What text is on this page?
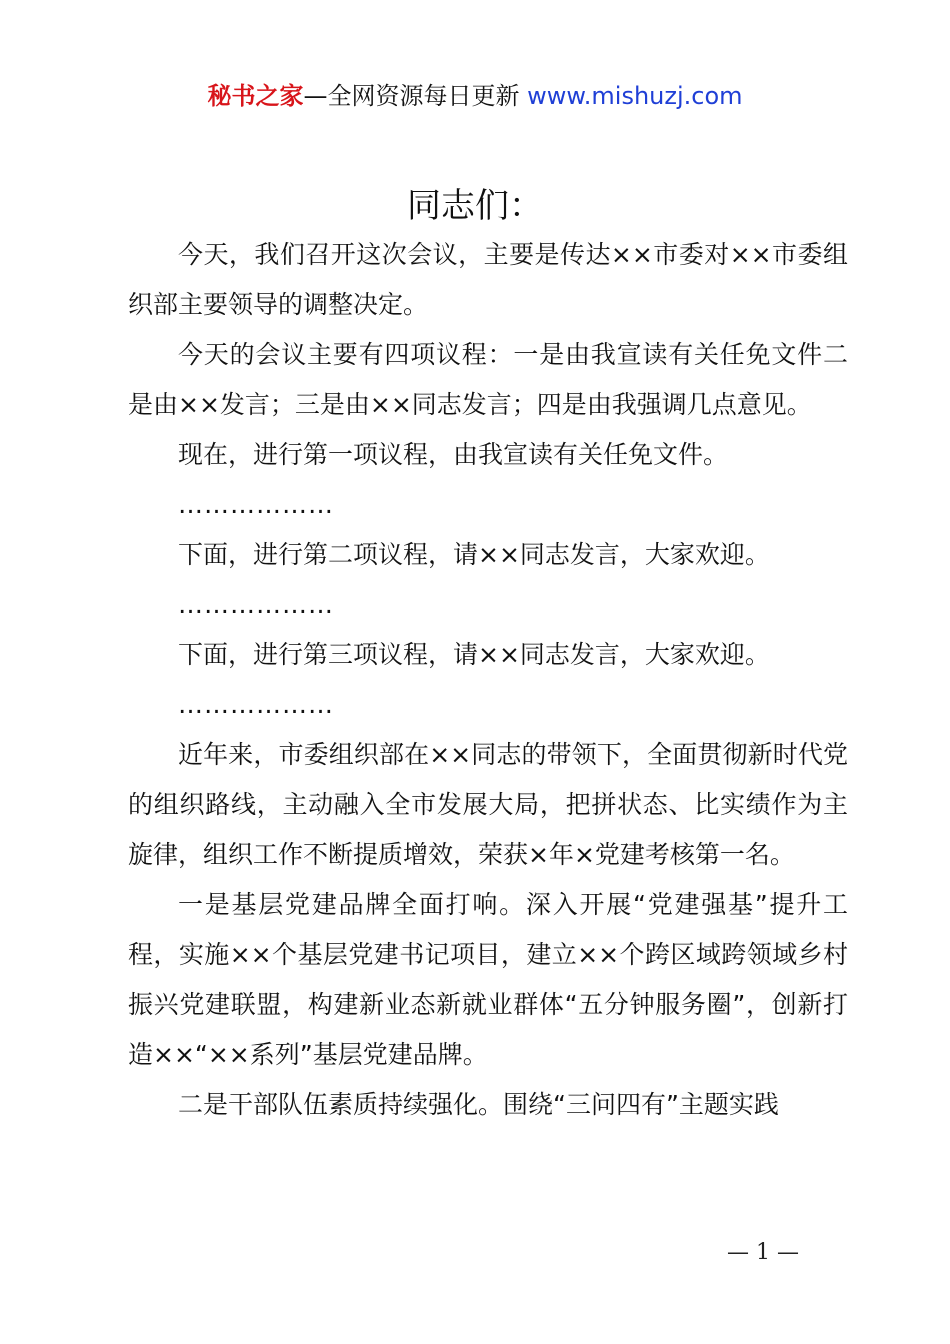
秘书之家—全网资源每日更新 www.mishuzj.com
同志们：

今天，我们召开这次会议，主要是传达××市委对××市委组织部主要领导的调整决定。

今天的会议主要有四项议程：一是由我宣读有关任免文件二是由××发言；三是由××同志发言；四是由我强调几点意见。

现在，进行第一项议程，由我宣读有关任免文件。

………………

下面，进行第二项议程，请××同志发言，大家欢迎。

………………

下面，进行第三项议程，请××同志发言，大家欢迎。

………………

近年来，市委组织部在××同志的带领下，全面贯彻新时代党的组织路线，主动融入全市发展大局，把拼状态、比实绩作为主旋律，组织工作不断提质增效，荣获×年×党建考核第一名。

一是基层党建品牌全面打响。深入开展“党建强基”提升工程，实施××个基层党建书记项目，建立××个跨区域跨领域乡村振兴党建联盟，构建新业态新就业群体“五分钟服务圈”，创新打造××“××系列”基层党建品牌。

二是干部队伍素质持续强化。围绕“三问四有”主题实践

— 1 —
